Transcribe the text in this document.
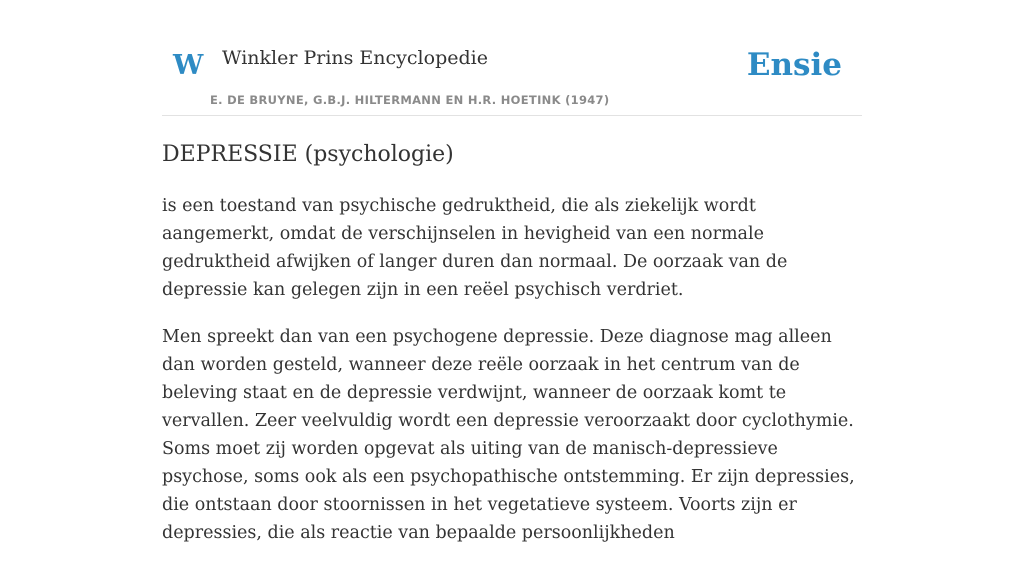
W Winkler Prins Encyclopedie
E. DE BRUYNE, G.B.J. HILTERMANN EN H.R. HOETINK (1947)
Ensie
DEPRESSIE (psychologie)

is een toestand van psychische gedruktheid, die als ziekelijk wordt aangemerkt, omdat de verschijnselen in hevigheid van een normale gedruktheid afwijken of langer duren dan normaal. De oorzaak van de depressie kan gelegen zijn in een reëel psychisch verdriet.

Men spreekt dan van een psychogene depressie. Deze diagnose mag alleen dan worden gesteld, wanneer deze reële oorzaak in het centrum van de beleving staat en de depressie verdwijnt, wanneer de oorzaak komt te vervallen. Zeer veelvuldig wordt een depressie veroorzaakt door cyclothymie. Soms moet zij worden opgevat als uiting van de manisch-depressieve psychose, soms ook als een psychopathische ontstemming. Er zijn depressies, die ontstaan door stoornissen in het vegetatieve systeem. Voorts zijn er depressies, die als reactie van bepaalde persoonlijkheden
